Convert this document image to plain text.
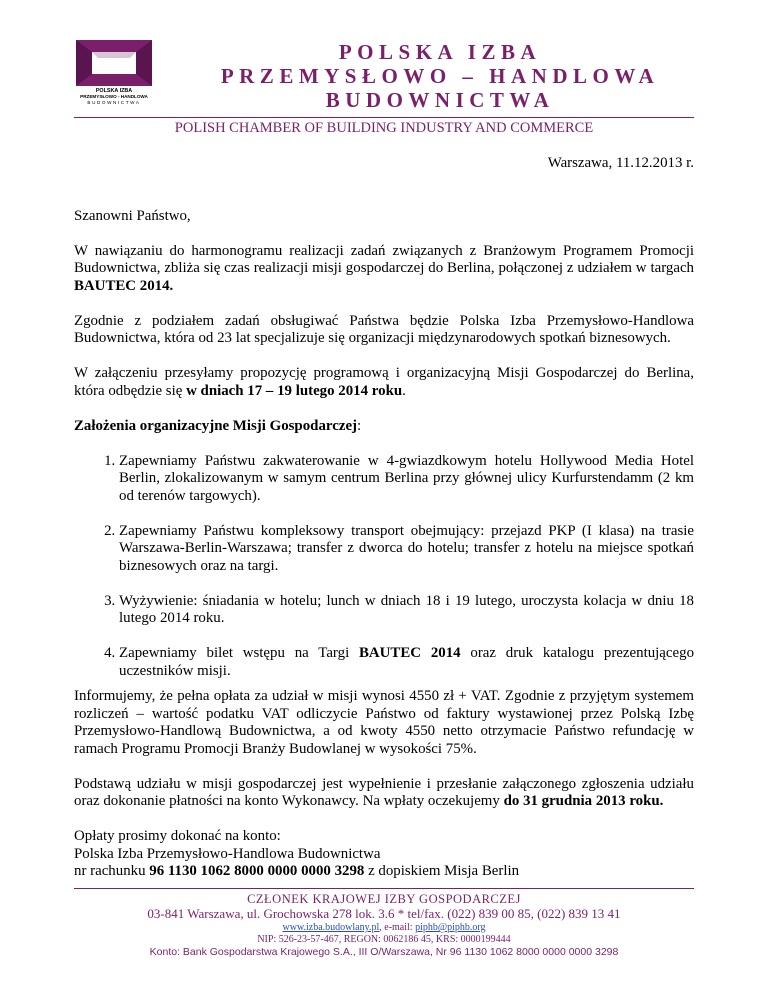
POLSKA IZBA
PRZEMYSŁOWO - HANDLOWA
BUDOWNICTWA
POLSKA IZBA
PRZEMYSŁOWO – HANDLOWA
BUDOWNICTWA
POLISH CHAMBER OF BUILDING INDUSTRY AND COMMERCE

Warszawa, 11.12.2013 r.

Szanowni Państwo,

W nawiązaniu do harmonogramu realizacji zadań związanych z Branżowym Programem Promocji Budownictwa, zbliża się czas realizacji misji gospodarczej do Berlina, połączonej z udziałem w targach BAUTEC 2014.

Zgodnie z podziałem zadań obsługiwać Państwa będzie Polska Izba Przemysłowo-Handlowa Budownictwa, która od 23 lat specjalizuje się organizacji międzynarodowych spotkań biznesowych.

W załączeniu przesyłamy propozycję programową i organizacyjną Misji Gospodarczej do Berlina, która odbędzie się w dniach 17 – 19 lutego 2014 roku.

Założenia organizacyjne Misji Gospodarczej:

1. Zapewniamy Państwu zakwaterowanie w 4-gwiazdkowym hotelu Hollywood Media Hotel Berlin, zlokalizowanym w samym centrum Berlina przy głównej ulicy Kurfurstendamm (2 km od terenów targowych).
2. Zapewniamy Państwu kompleksowy transport obejmujący: przejazd PKP (I klasa) na trasie Warszawa-Berlin-Warszawa; transfer z dworca do hotelu; transfer z hotelu na miejsce spotkań biznesowych oraz na targi.
3. Wyżywienie: śniadania w hotelu; lunch w dniach 18 i 19 lutego, uroczysta kolacja w dniu 18 lutego 2014 roku.
4. Zapewniamy bilet wstępu na Targi BAUTEC 2014 oraz druk katalogu prezentującego uczestników misji.

Informujemy, że pełna opłata za udział w misji wynosi 4550 zł + VAT. Zgodnie z przyjętym systemem rozliczeń – wartość podatku VAT odliczycie Państwo od faktury wystawionej przez Polską Izbę Przemysłowo-Handlową Budownictwa, a od kwoty 4550 netto otrzymacie Państwo refundację w ramach Programu Promocji Branży Budowlanej w wysokości 75%.

Podstawą udziału w misji gospodarczej jest wypełnienie i przesłanie załączonego zgłoszenia udziału oraz dokonanie płatności na konto Wykonawcy. Na wpłaty oczekujemy do 31 grudnia 2013 roku.

Opłaty prosimy dokonać na konto:

Polska Izba Przemysłowo-Handlowa Budownictwa

nr rachunku 96 1130 1062 8000 0000 0000 3298 z dopiskiem Misja Berlin

CZŁONEK KRAJOWEJ IZBY GOSPODARCZEJ
03-841 Warszawa, ul. Grochowska 278 lok. 3.6 * tel/fax. (022) 839 00 85, (022) 839 13 41
www.izba.budowlany.pl, e-mail: piphb@piphb.org
NIP: 526-23-57-467, REGON: 0062186 45, KRS: 0000199444
Konto: Bank Gospodarstwa Krajowego S.A., III O/Warszawa, Nr 96 1130 1062 8000 0000 0000 3298
